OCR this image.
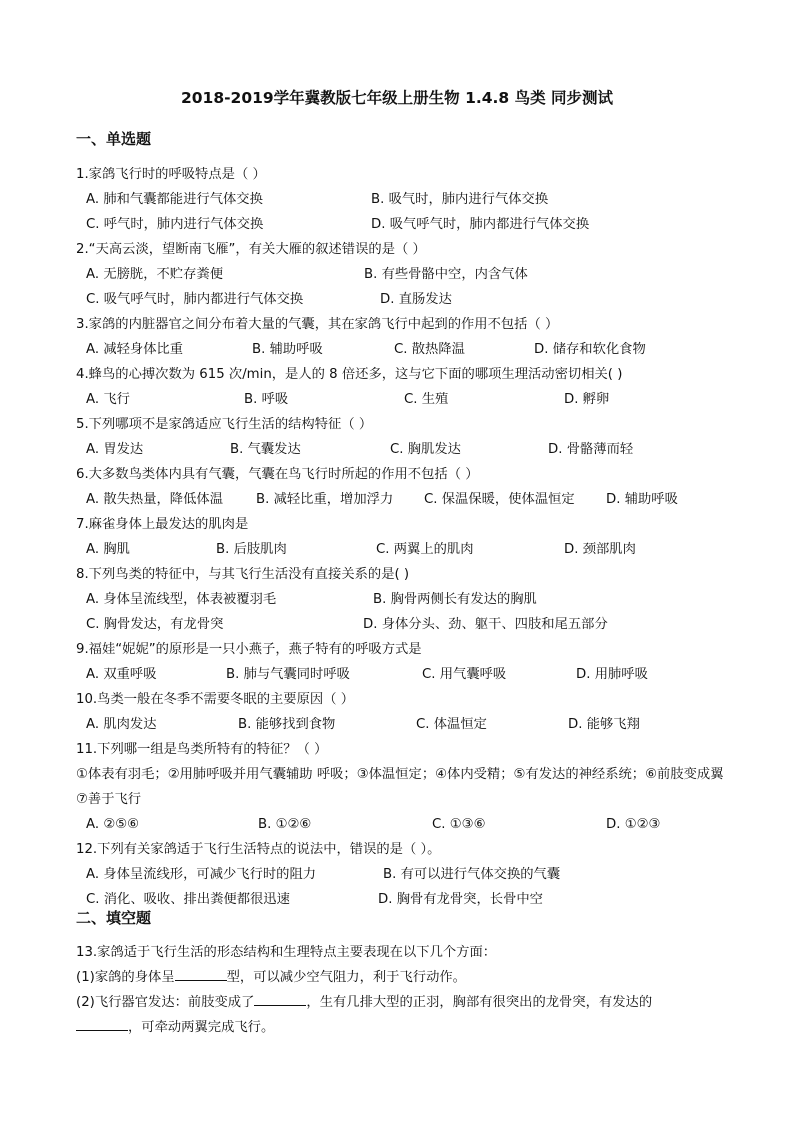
2018-2019学年冀教版七年级上册生物 1.4.8 鸟类 同步测试
一、单选题
1.家鸽飞行时的呼吸特点是（ ）
A. 肺和气囊都能进行气体交换	B. 吸气时，肺内进行气体交换
C. 呼气时，肺内进行气体交换	D. 吸气呼气时，肺内都进行气体交换
2.“天高云淡，望断南飞雁”，有关大雁的叙述错误的是（ ）
A. 无膀胱，不贮存粪便	B. 有些骨骼中空，内含气体
C. 吸气呼气时，肺内都进行气体交换	D. 直肠发达
3.家鸽的内脏器官之间分布着大量的气囊，其在家鸽飞行中起到的作用不包括（ ）
A. 减轻身体比重	B. 辅助呼吸	C. 散热降温	D. 储存和软化食物
4.蜂鸟的心搏次数为 615 次/min，是人的 8 倍还多，这与它下面的哪项生理活动密切相关( )
A. 飞行	B. 呼吸	C. 生殖	D. 孵卵
5.下列哪项不是家鸽适应飞行生活的结构特征（ ）
A. 胃发达	B. 气囊发达	C. 胸肌发达	D. 骨骼薄而轻
6.大多数鸟类体内具有气囊，气囊在鸟飞行时所起的作用不包括（ ）
A. 散失热量，降低体温 B. 减轻比重，增加浮力 C. 保温保暖，使体温恒定 D. 辅助呼吸
7.麻雀身体上最发达的肌肉是
A. 胸肌	B. 后肢肌肉	C. 两翼上的肌肉	D. 颈部肌肉
8.下列鸟类的特征中，与其飞行生活没有直接关系的是( )
A. 身体呈流线型，体表被覆羽毛	B. 胸骨两侧长有发达的胸肌
C. 胸骨发达，有龙骨突	D. 身体分头、劲、躯干、四肢和尾五部分
9.福娃“妮妮”的原形是一只小燕子，燕子特有的呼吸方式是
A. 双重呼吸	B. 肺与气囊同时呼吸	C. 用气囊呼吸	D. 用肺呼吸
10.鸟类一般在冬季不需要冬眠的主要原因（ ）
A. 肌肉发达	B. 能够找到食物	C. 体温恒定	D. 能够飞翔
11.下列哪一组是鸟类所特有的特征？（ ）
①体表有羽毛；②用肺呼吸并用气囊辅助 呼吸；③体温恒定；④体内受精；⑤有发达的神经系统；⑥前肢变成翼 ⑦善于飞行
A. ②⑤⑥	B. ①②⑥	C. ①③⑥	D. ①②③
12.下列有关家鸽适于飞行生活特点的说法中，错误的是（ ）。
A. 身体呈流线形，可减少飞行时的阻力	B. 有可以进行气体交换的气囊
C. 消化、吸收、排出粪便都很迅速	D. 胸骨有龙骨突，长骨中空
二、填空题
13.家鸽适于飞行生活的形态结构和生理特点主要表现在以下几个方面：
(1)家鸽的身体呈	型，可以减少空气阻力，利于飞行动作。
(2)飞行器官发达：前肢变成了	，生有几排大型的正羽，胸部有很突出的龙骨突，有发达的
，可牵动两翼完成飞行。
